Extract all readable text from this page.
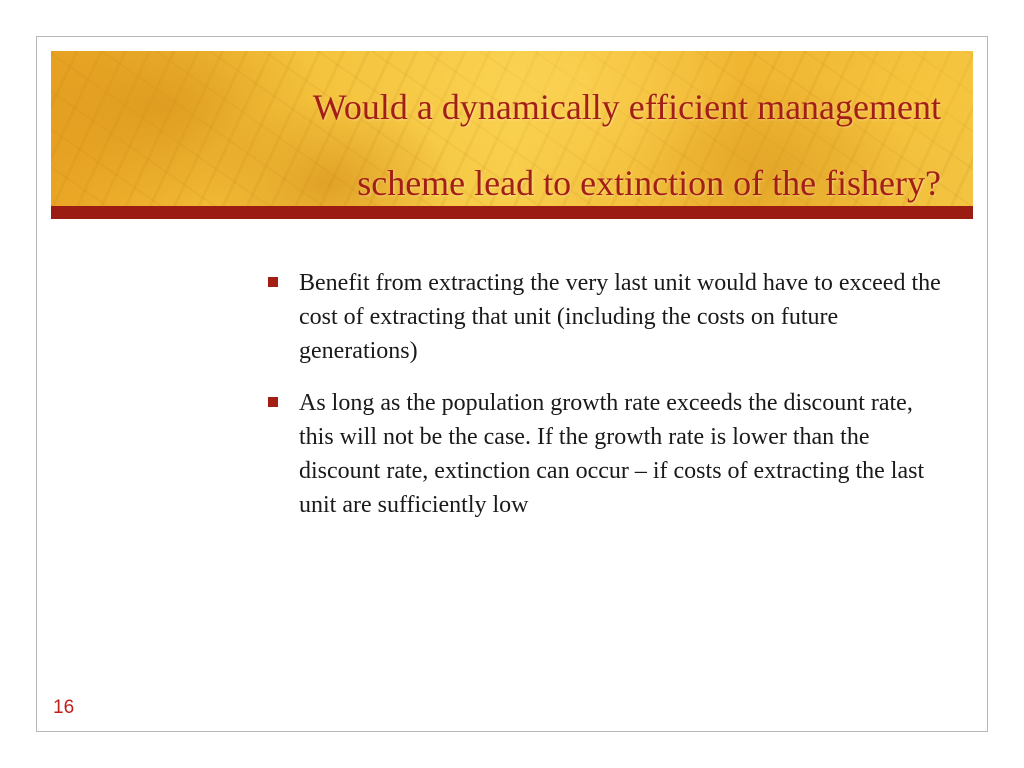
Would a dynamically efficient management
scheme lead to extinction of the fishery?
Benefit from extracting the very last unit would have to exceed the cost of extracting that unit (including the costs on future generations)
As long as the population growth rate exceeds the discount rate, this will not be the case. If the growth rate is lower than the discount rate, extinction can occur – if costs of extracting the last unit are sufficiently low
16
